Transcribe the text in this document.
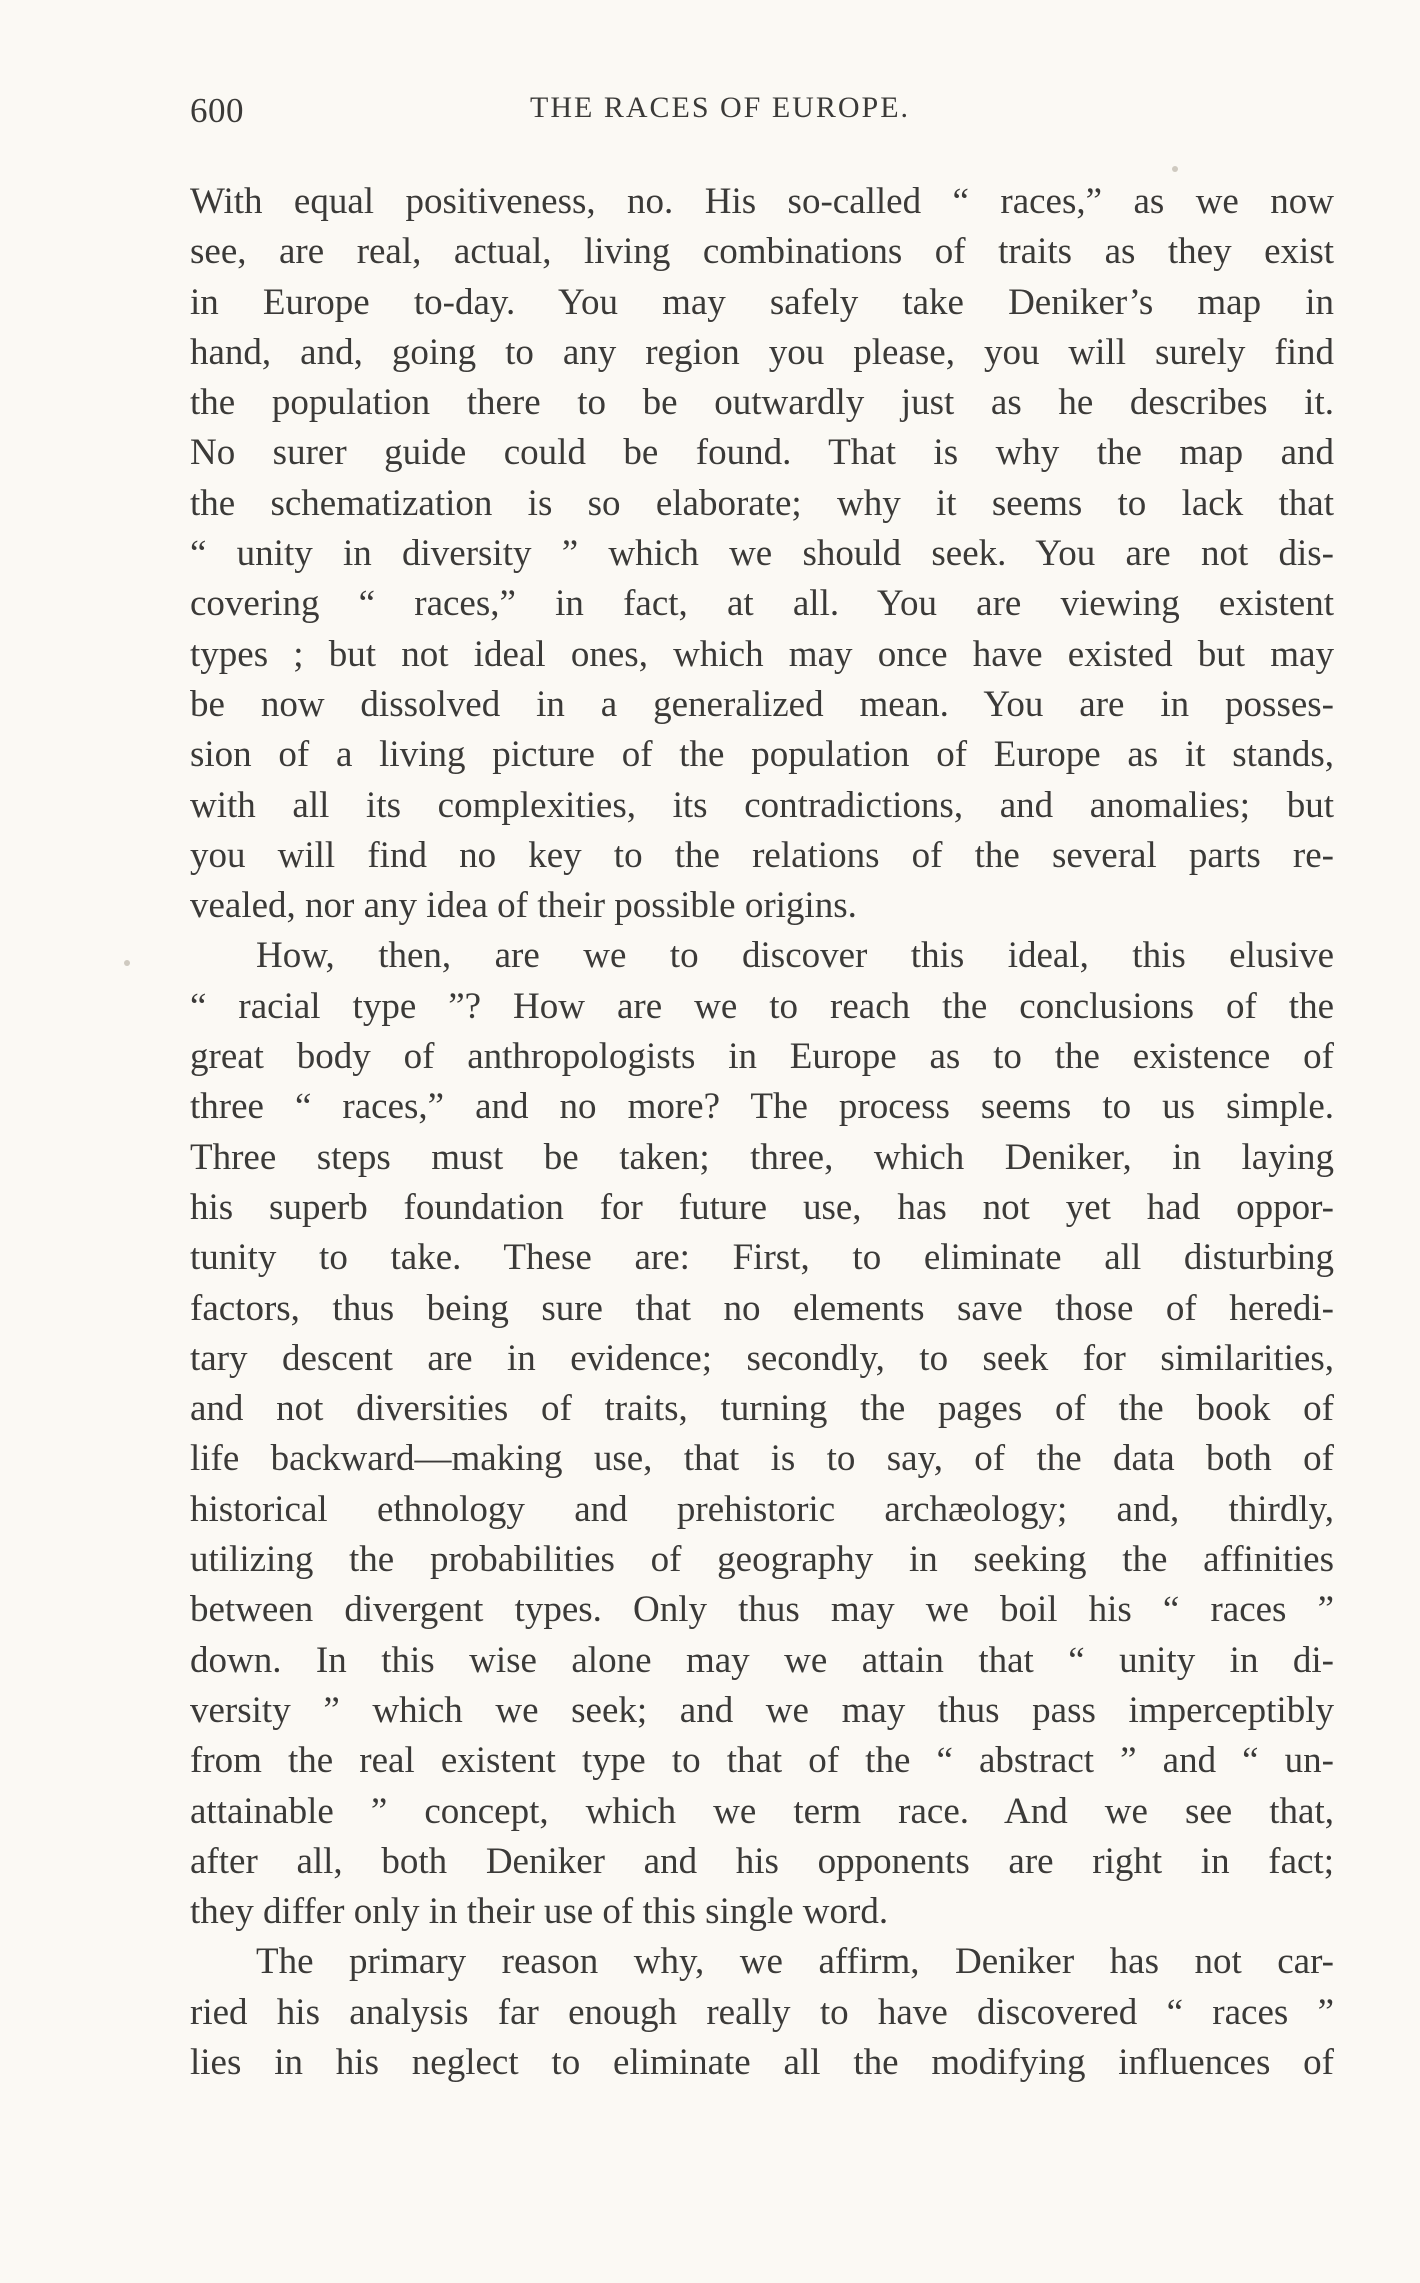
600	THE RACES OF EUROPE.
With equal positiveness, no. His so-called “ races,” as we now
see, are real, actual, living combinations of traits as they exist
in Europe to-day. You may safely take Deniker’s map in
hand, and, going to any region you please, you will surely find
the population there to be outwardly just as he describes it.
No surer guide could be found. That is why the map and
the schematization is so elaborate; why it seems to lack that
“ unity in diversity ” which we should seek. You are not dis-
covering “ races,” in fact, at all. You are viewing existent
types ; but not ideal ones, which may once have existed but may
be now dissolved in a generalized mean. You are in posses-
sion of a living picture of the population of Europe as it stands,
with all its complexities, its contradictions, and anomalies; but
you will find no key to the relations of the several parts re-
vealed, nor any idea of their possible origins.
How, then, are we to discover this ideal, this elusive
“ racial type ”? How are we to reach the conclusions of the
great body of anthropologists in Europe as to the existence of
three “ races,” and no more? The process seems to us simple.
Three steps must be taken; three, which Deniker, in laying
his superb foundation for future use, has not yet had oppor-
tunity to take. These are: First, to eliminate all disturbing
factors, thus being sure that no elements save those of heredi-
tary descent are in evidence; secondly, to seek for similarities,
and not diversities of traits, turning the pages of the book of
life backward—making use, that is to say, of the data both of
historical ethnology and prehistoric archæology; and, thirdly,
utilizing the probabilities of geography in seeking the affinities
between divergent types. Only thus may we boil his “ races ”
down. In this wise alone may we attain that “ unity in di-
versity ” which we seek; and we may thus pass imperceptibly
from the real existent type to that of the “ abstract ” and “ un-
attainable ” concept, which we term race. And we see that,
after all, both Deniker and his opponents are right in fact;
they differ only in their use of this single word.
The primary reason why, we affirm, Deniker has not car-
ried his analysis far enough really to have discovered “ races ”
lies in his neglect to eliminate all the modifying influences of
